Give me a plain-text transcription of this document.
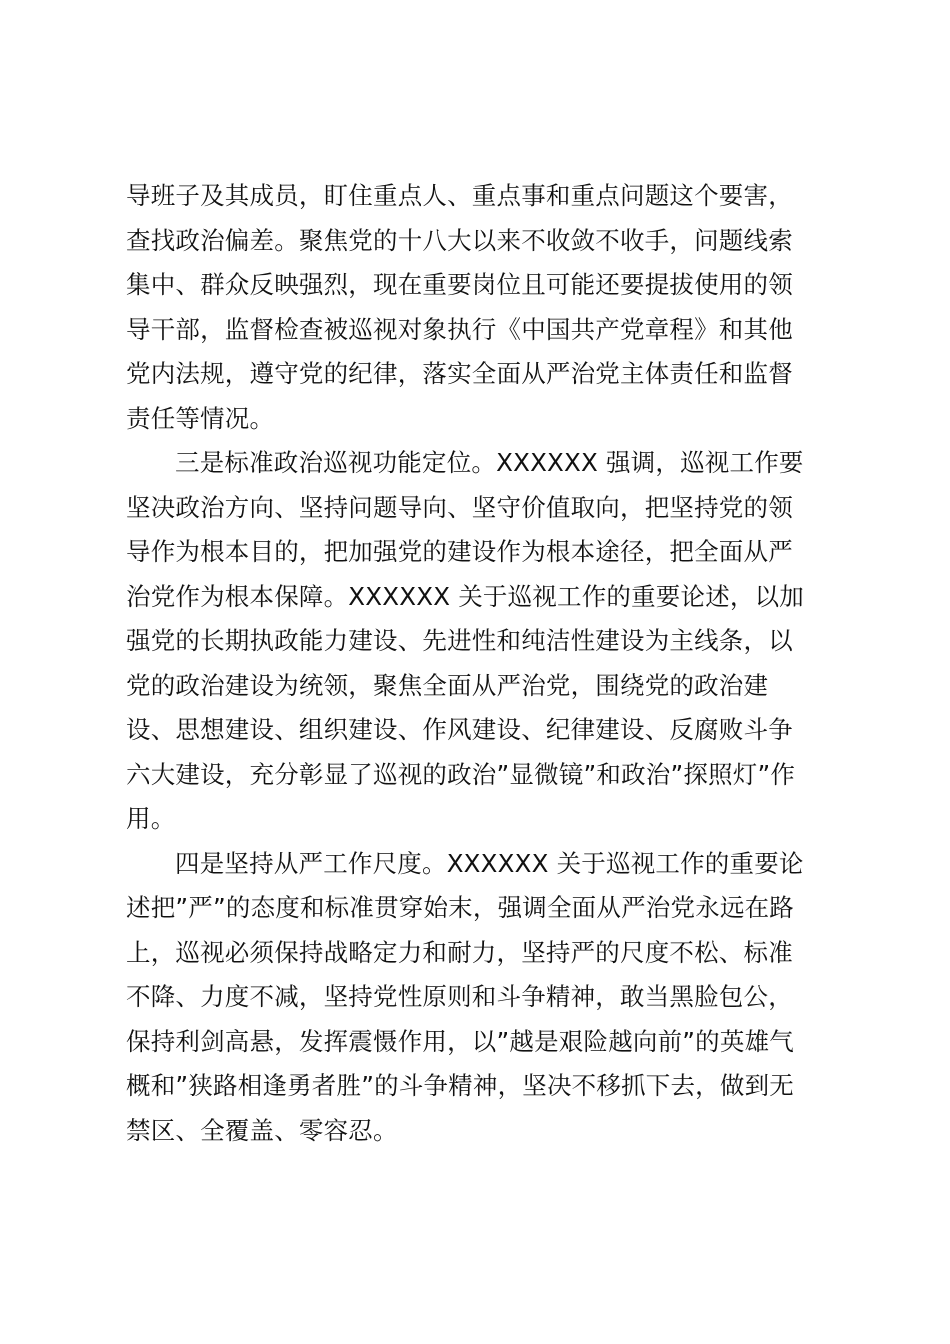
导班子及其成员，盯住重点人、重点事和重点问题这个要害，
查找政治偏差。聚焦党的十八大以来不收敛不收手，问题线索
集中、群众反映强烈，现在重要岗位且可能还要提拔使用的领
导干部，监督检查被巡视对象执行《中国共产党章程》和其他
党内法规，遵守党的纪律，落实全面从严治党主体责任和监督
责任等情况。
三是标准政治巡视功能定位。XXXXXX 强调，巡视工作要
坚决政治方向、坚持问题导向、坚守价值取向，把坚持党的领
导作为根本目的，把加强党的建设作为根本途径，把全面从严
治党作为根本保障。XXXXXX 关于巡视工作的重要论述，以加
强党的长期执政能力建设、先进性和纯洁性建设为主线条，以
党的政治建设为统领，聚焦全面从严治党，围绕党的政治建
设、思想建设、组织建设、作风建设、纪律建设、反腐败斗争
六大建设，充分彰显了巡视的政治”显微镜”和政治”探照灯”作
用。
四是坚持从严工作尺度。XXXXXX 关于巡视工作的重要论
述把”严”的态度和标准贯穿始末，强调全面从严治党永远在路
上，巡视必须保持战略定力和耐力，坚持严的尺度不松、标准
不降、力度不减，坚持党性原则和斗争精神，敢当黑脸包公，
保持利剑高悬，发挥震慑作用，以”越是艰险越向前”的英雄气
概和”狭路相逢勇者胜”的斗争精神，坚决不移抓下去，做到无
禁区、全覆盖、零容忍。
